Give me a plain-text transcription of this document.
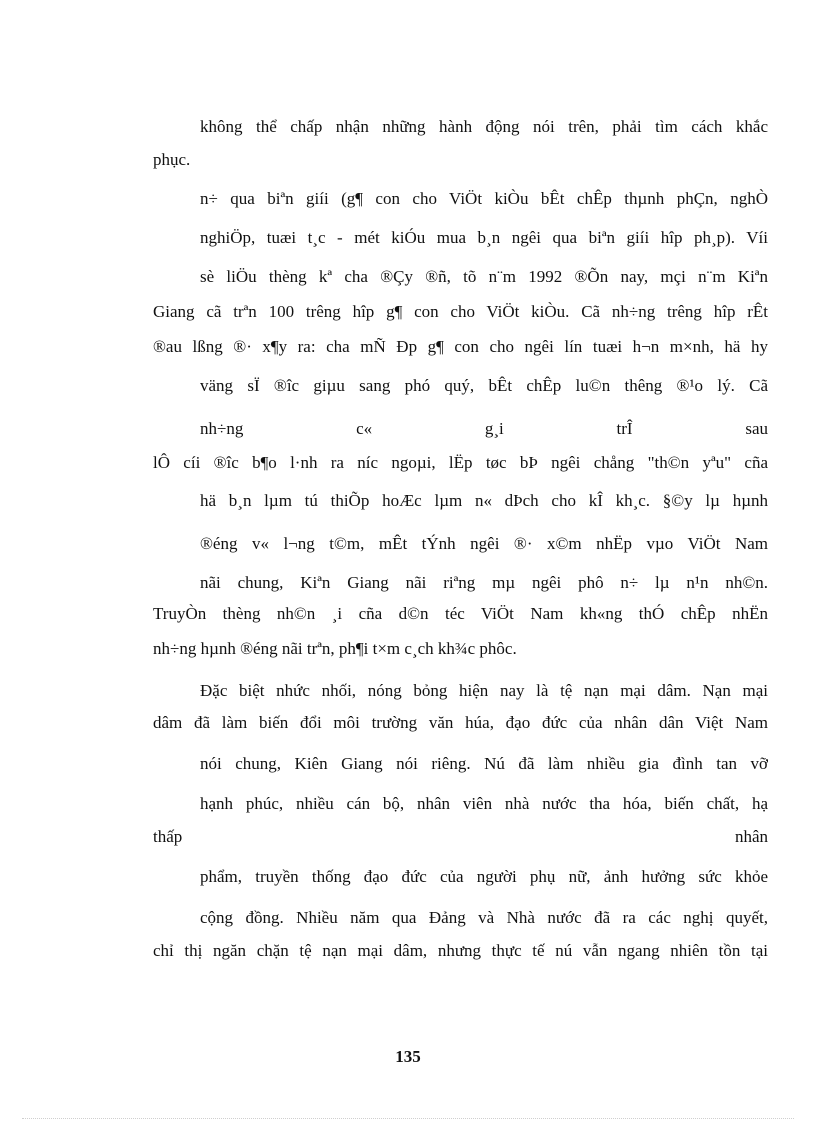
không thể chấp nhận những hành động nói trên, phải tìm cách khắc

phục.

n÷ qua biªn giíi (g¶ con cho ViÖt kiÒu bÊt chÊp thµnh phÇn, nghÒ

nghiÖp, tuæi t¸c - mét kiÓu mua b¸n ngêi qua biªn giíi hîp ph¸p). Víi

sè liÖu thèng kª cha ®Çy ®ñ, tõ n¨m 1992 ®Õn nay, mçi n¨m Kiªn

Giang cã trªn 100 trêng hîp g¶ con cho ViÖt kiÒu. Cã nh÷ng trêng hîp rÊt

®au lßng ®· x¶y ra: cha mÑ Ðp g¶ con cho ngêi lín tuæi h¬n m×nh, hä hy

väng sÏ ®îc giµu sang phó quý, bÊt chÊp lu©n thêng ®¹o lý. Cã

nh÷ng	c«	g¸i	trÎ	sau

lÔ cíi ®îc b¶o l·nh ra níc ngoµi, lËp tøc bÞ ngêi chång "th©n yªu" cña

hä b¸n lµm tú thiÕp hoÆc lµm n« dÞch cho kÎ kh¸c. §©y lµ hµnh

®éng v« l¬ng t©m, mÊt tÝnh ngêi ®· x©m nhËp vµo ViÖt Nam

nãi chung, Kiªn Giang nãi riªng mµ ngêi phô n÷ lµ n¹n nh©n.

TruyÒn thèng nh©n ¸i cña d©n téc ViÖt Nam kh«ng thÓ chÊp nhËn

nh÷ng hµnh ®éng nãi trªn, ph¶i t×m c¸ch kh¾c phôc.

Đặc biệt nhức nhối, nóng bỏng hiện nay là tệ nạn mại dâm. Nạn mại

dâm đã làm biến đổi môi trường văn húa, đạo đức của nhân dân Việt Nam

nói chung, Kiên Giang nói riêng. Nú đã làm nhiều gia đình tan vỡ

hạnh phúc, nhiều cán bộ, nhân viên nhà nước tha hóa, biến chất, hạ

thấp	nhân

phẩm, truyền thống đạo đức của người phụ nữ, ảnh hưởng sức khỏe

cộng đồng. Nhiều năm qua Đảng và Nhà nước đã ra các nghị quyết,

chỉ thị ngăn chặn tệ nạn mại dâm, nhưng thực tế nú vẫn ngang nhiên tồn tại

135
